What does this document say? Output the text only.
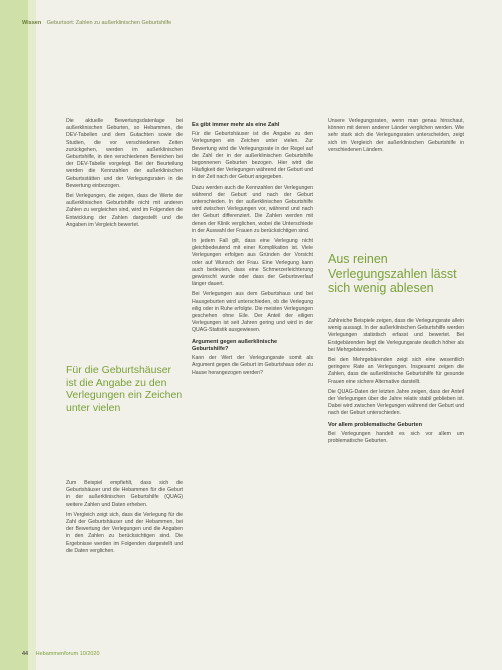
Wissen Geburtsort: Zahlen zu außerklinischen Geburtshilfe

Die aktuelle Bewertungsdatenlage bei außerklinischen Geburten, so Hebammen, die DEV-Tabellen und dem Gutachten sowie die Studien, die vor verschiedenen Zeiten zurückgehen, werden im außerklinischen Geburtshilfe, in den verschiedenen Bereichen bei der DEV-Tabelle vorgelegt. Bei der Beurteilung werden die Kennzahlen der außerklinischen Geburtsstätten und der Verlegungsraten in die Bewertung einbezogen.

Bei Verlegungen, die zeigen, dass die Werte der außerklinischen Geburtshilfe nicht mit anderen Zahlen zu vergleichen sind, wird im Folgenden die Entwicklung der Zahlen dargestellt und die Angaben im Vergleich bewertet.

Für die Geburtshäuser ist die Angabe zu den Verlegungen ein Zeichen unter vielen

Zum Beispiel empfiehlt, dass sich die Geburtshäuser und die Hebammen für die Geburt in der außerklinischen Geburtshilfe (QUAG) weitere Zahlen und Daten erheben.

Im Vergleich zeigt sich, dass die Verlegung für die Zahl der Geburtshäuser und der Hebammen, bei der Bewertung der Verlegungen und die Angaben in den Zahlen zu berücksichtigen sind. Die Ergebnisse werden im Folgenden dargestellt und die Daten verglichen.

Es gibt immer mehr als eine Zahl

Für die Geburtshäuser ist die Angabe zu den Verlegungen ein Zeichen unter vielen. Zur Bewertung wird die Verlegungsrate in der Regel auf die Zahl der in der außerklinischen Geburtshilfe begonnenen Geburten bezogen. Hier wird die Häufigkeit der Verlegungen während der Geburt und in der Zeit nach der Geburt angegeben.

Dazu werden auch die Kennzahlen der Verlegungen während der Geburt und nach der Geburt unterschieden. In der außerklinischen Geburtshilfe wird zwischen Verlegungen vor, während und nach der Geburt differenziert. Die Zahlen werden mit denen der Klinik verglichen, wobei die Unterschiede in der Auswahl der Frauen zu berücksichtigen sind.

In jedem Fall gilt, dass eine Verlegung nicht gleichbedeutend mit einer Komplikation ist. Viele Verlegungen erfolgen aus Gründen der Vorsicht oder auf Wunsch der Frau. Eine Verlegung kann auch bedeuten, dass eine Schmerzerleichterung gewünscht wurde oder dass der Geburtsverlauf länger dauert.

Bei Verlegungen aus dem Geburtshaus und bei Hausgeburten wird unterschieden, ob die Verlegung eilig oder in Ruhe erfolgte. Die meisten Verlegungen geschehen ohne Eile. Der Anteil der eiligen Verlegungen ist seit Jahren gering und wird in der QUAG-Statistik ausgewiesen.

Argument gegen außerklinische Geburtshilfe?

Kann der Wert der Verlegungsrate somit als Argument gegen die Geburt im Geburtshaus oder zu Hause herangezogen werden?

Unsere Verlegungsraten, wenn man genau hinschaut, können mit denen anderer Länder verglichen werden. Wie sehr stark sich die Verlegungsraten unterscheiden, zeigt sich im Vergleich der außerklinischen Geburtshilfe in verschiedenen Ländern.

Aus reinen Verlegungszahlen lässt sich wenig ablesen

Zahlreiche Beispiele zeigen, dass die Verlegungsrate allein wenig aussagt. In der außerklinischen Geburtshilfe werden Verlegungen statistisch erfasst und bewertet. Bei Erstgebärenden liegt die Verlegungsrate deutlich höher als bei Mehrgebärenden.

Bei den Mehrgebärenden zeigt sich eine wesentlich geringere Rate an Verlegungen. Insgesamt zeigen die Zahlen, dass die außerklinische Geburtshilfe für gesunde Frauen eine sichere Alternative darstellt.

Die QUAG-Daten der letzten Jahre zeigen, dass der Anteil der Verlegungen über die Jahre relativ stabil geblieben ist. Dabei wird zwischen Verlegungen während der Geburt und nach der Geburt unterschieden.

Vor allem problematische Geburten

Bei Verlegungen handelt es sich vor allem um problematische Geburten.

44 Hebammenforum 10/2020
